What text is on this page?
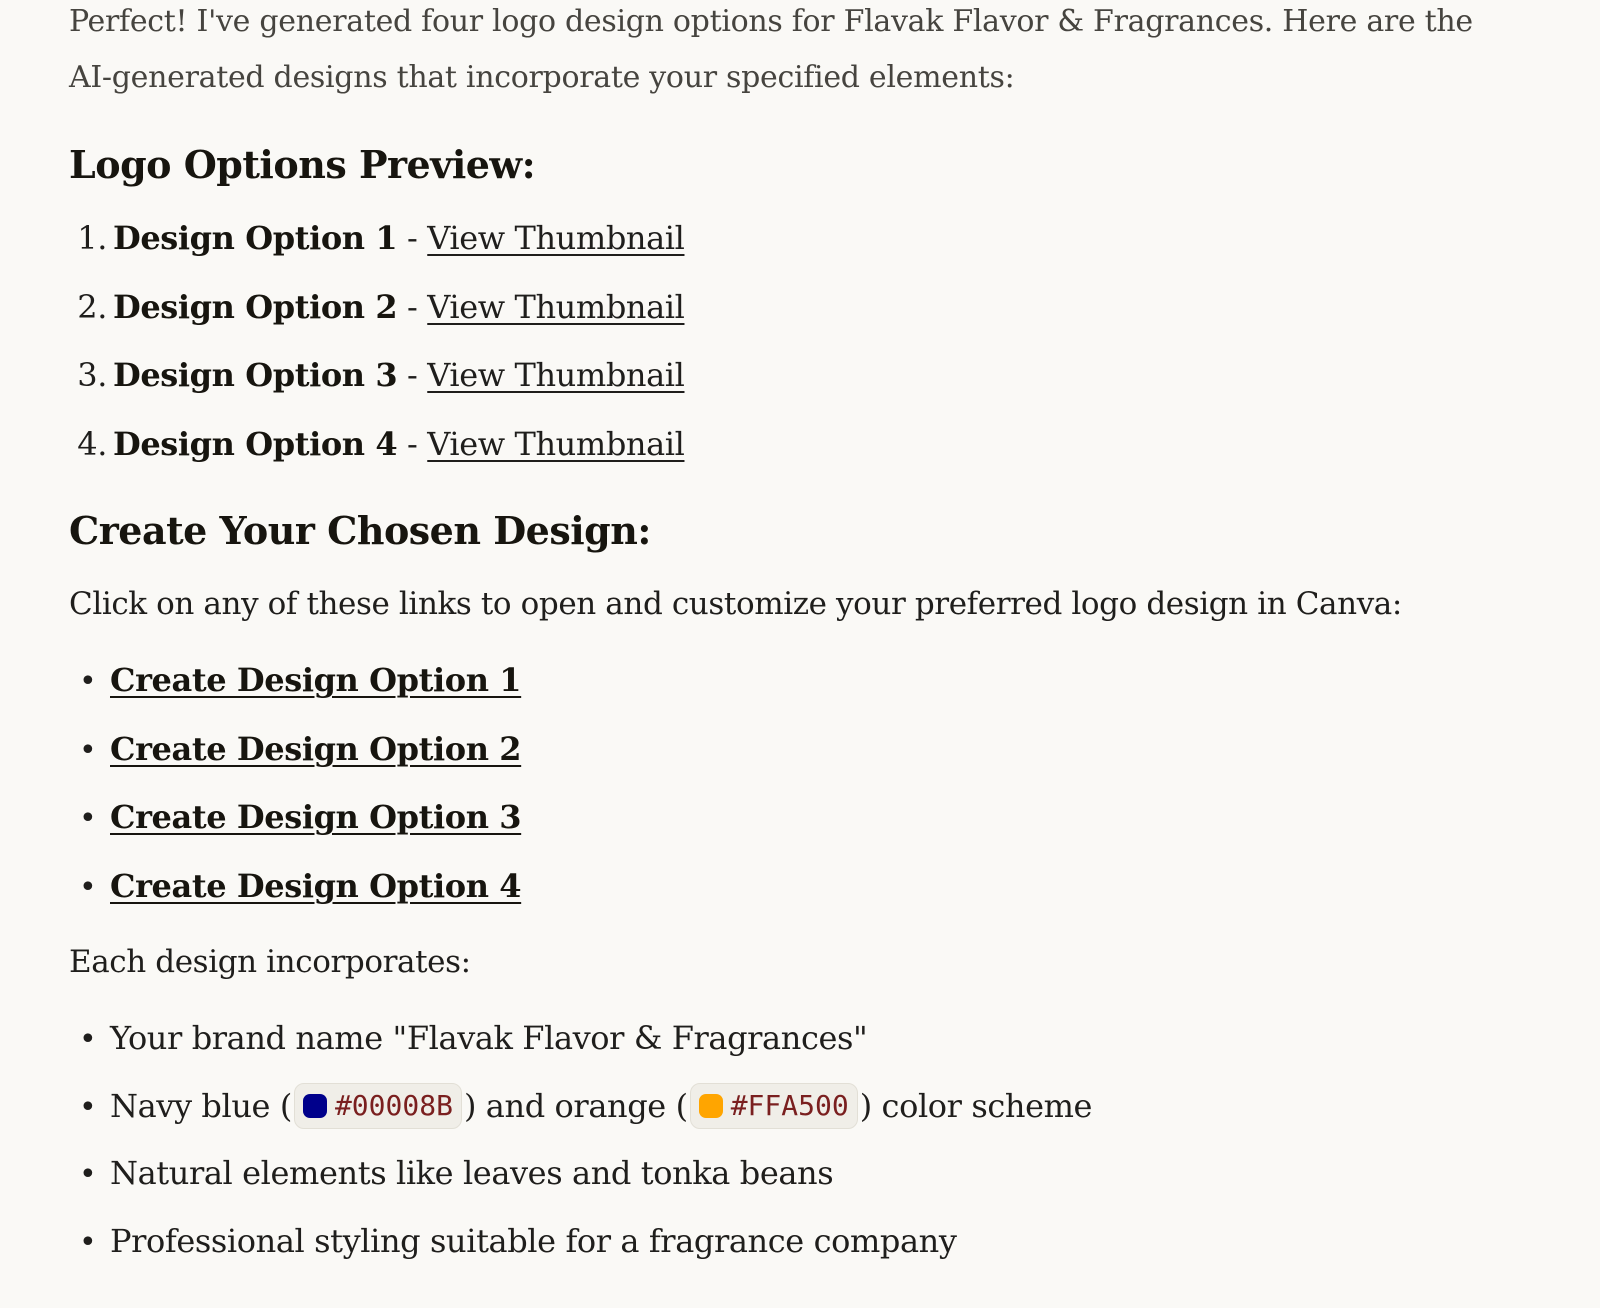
Perfect! I've generated four logo design options for Flavak Flavor & Fragrances. Here are the
AI-generated designs that incorporate your specified elements:

Logo Options Preview:
1. Design Option 1 - View Thumbnail
2. Design Option 2 - View Thumbnail
3. Design Option 3 - View Thumbnail
4. Design Option 4 - View Thumbnail
Create Your Chosen Design:

Click on any of these links to open and customize your preferred logo design in Canva:

• Create Design Option 1
• Create Design Option 2
• Create Design Option 3
• Create Design Option 4

Each design incorporates:

• Your brand name "Flavak Flavor & Fragrances"
• Navy blue ( #00008B ) and orange ( #FFA500 ) color scheme
• Natural elements like leaves and tonka beans
• Professional styling suitable for a fragrance company
